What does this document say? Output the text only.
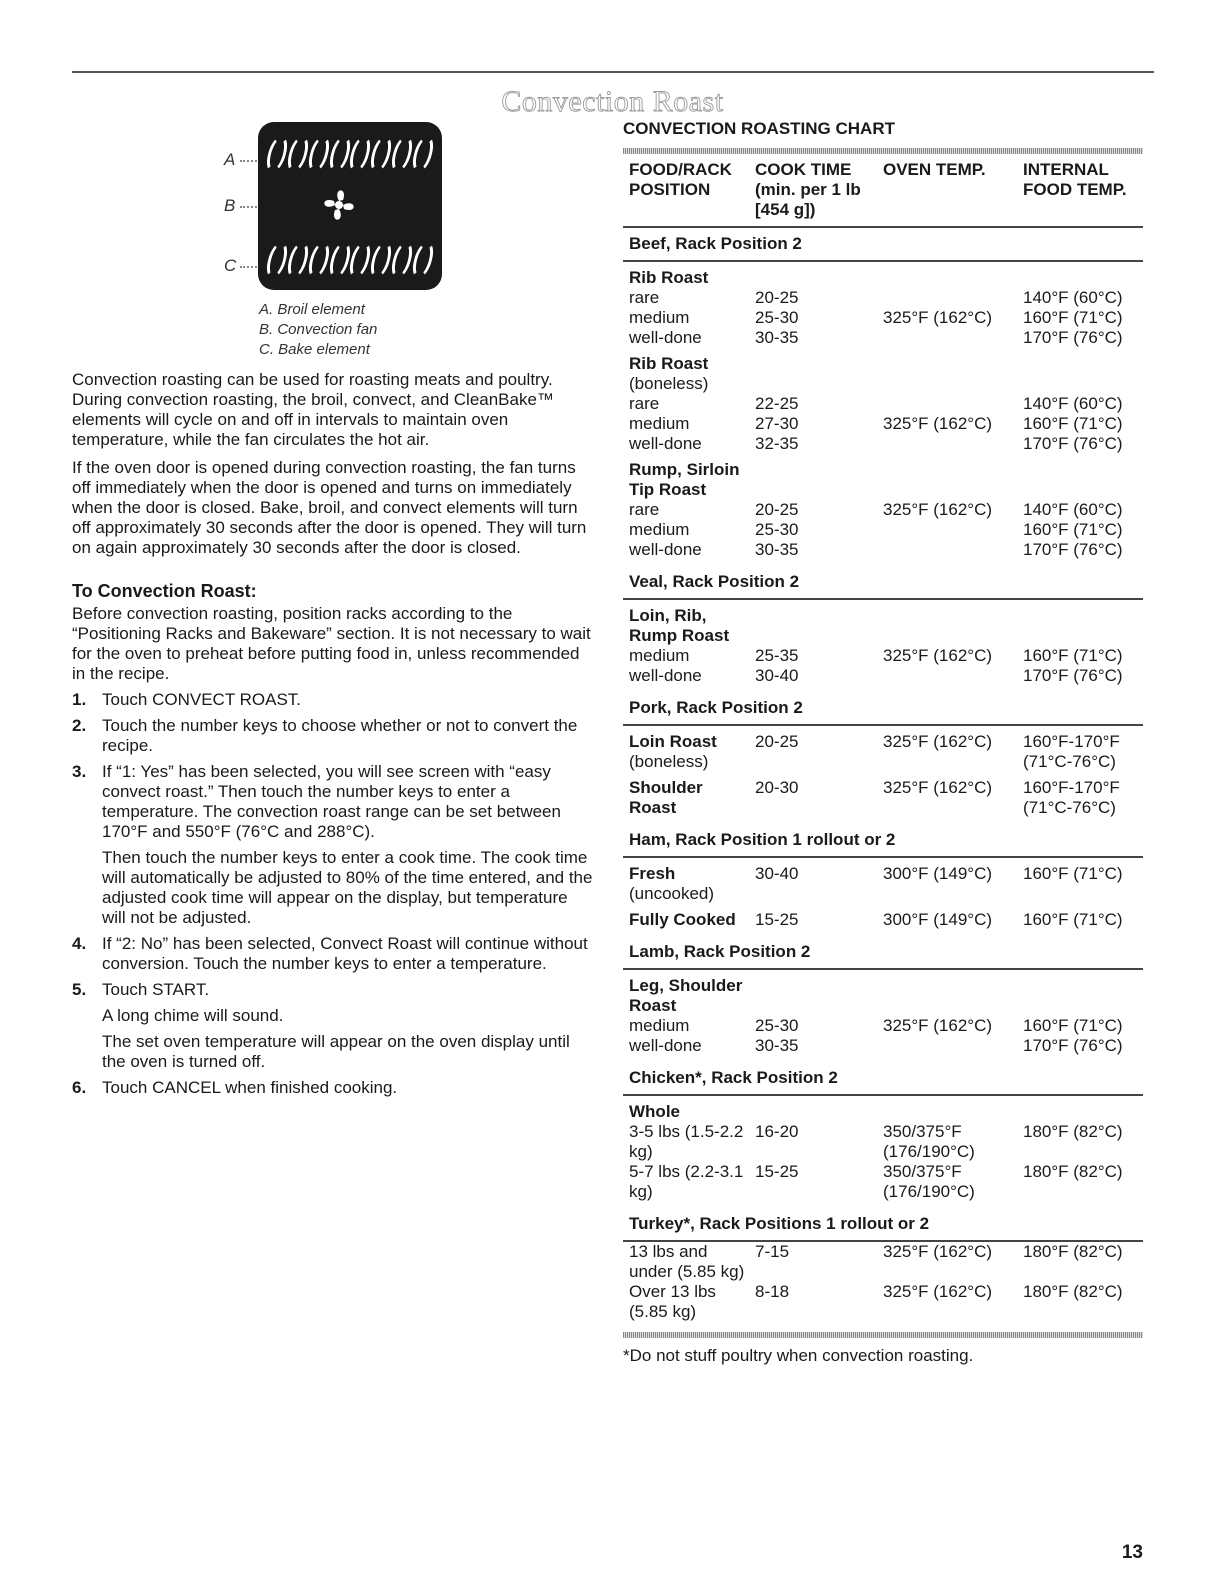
Convection Roast
A
B
C
A. Broil element
B. Convection fan
C. Bake element

Convection roasting can be used for roasting meats and poultry. During convection roasting, the broil, convect, and CleanBake™ elements will cycle on and off in intervals to maintain oven temperature, while the fan circulates the hot air.

If the oven door is opened during convection roasting, the fan turns off immediately when the door is opened and turns on immediately when the door is closed. Bake, broil, and convect elements will turn off approximately 30 seconds after the door is opened. They will turn on again approximately 30 seconds after the door is closed.

To Convection Roast:

Before convection roasting, position racks according to the “Positioning Racks and Bakeware” section. It is not necessary to wait for the oven to preheat before putting food in, unless recommended in the recipe.

1. Touch CONVECT ROAST.
2. Touch the number keys to choose whether or not to convert the recipe.
3. If “1: Yes” has been selected, you will see screen with “easy convect roast.” Then touch the number keys to enter a temperature. The convection roast range can be set between 170°F and 550°F (76°C and 288°C).
Then touch the number keys to enter a cook time. The cook time will automatically be adjusted to 80% of the time entered, and the adjusted cook time will appear on the display, but temperature will not be adjusted.
4. If “2: No” has been selected, Convect Roast will continue without conversion. Touch the number keys to enter a temperature.
5. Touch START.
A long chime will sound.
The set oven temperature will appear on the oven display until the oven is turned off.
6. Touch CANCEL when finished cooking.
CONVECTION ROASTING CHART
FOOD/RACK POSITION	COOK TIME (min. per 1 lb [454 g])	OVEN TEMP.	INTERNAL FOOD TEMP.
Beef, Rack Position 2			
Rib Roast			
rare	20-25		140°F (60°C)
medium	25-30	325°F (162°C)	160°F (71°C)
well-done	30-35		170°F (76°C)
Rib Roast			
(boneless)			
rare	22-25		140°F (60°C)
medium	27-30	325°F (162°C)	160°F (71°C)
well-done	32-35		170°F (76°C)
Rump, Sirloin Tip Roast			
rare	20-25	325°F (162°C)	140°F (60°C)
medium	25-30		160°F (71°C)
well-done	30-35		170°F (76°C)

Veal, Rack Position 2			
Loin, Rib, Rump Roast			
medium	25-35	325°F (162°C)	160°F (71°C)
well-done	30-40		170°F (76°C)

Pork, Rack Position 2			
Loin Roast	20-25	325°F (162°C)	160°F-170°F
(boneless)			(71°C-76°C)
Shoulder Roast	20-30	325°F (162°C)	160°F-170°F (71°C-76°C)

Ham, Rack Position 1 rollout or 2			
Fresh	30-40	300°F (149°C)	160°F (71°C)
(uncooked)			
Fully Cooked	15-25	300°F (149°C)	160°F (71°C)

Lamb, Rack Position 2			
Leg, Shoulder Roast			
medium	25-30	325°F (162°C)	160°F (71°C)
well-done	30-35		170°F (76°C)

Chicken*, Rack Position 2			
Whole			
3-5 lbs (1.5-2.2 kg)	16-20	350/375°F (176/190°C)	180°F (82°C)
5-7 lbs (2.2-3.1 kg)	15-25	350/375°F (176/190°C)	180°F (82°C)

Turkey*, Rack Positions 1 rollout or 2			
13 lbs and under (5.85 kg)	7-15	325°F (162°C)	180°F (82°C)
Over 13 lbs (5.85 kg)	8-18	325°F (162°C)	180°F (82°C)

*Do not stuff poultry when convection roasting.
13
